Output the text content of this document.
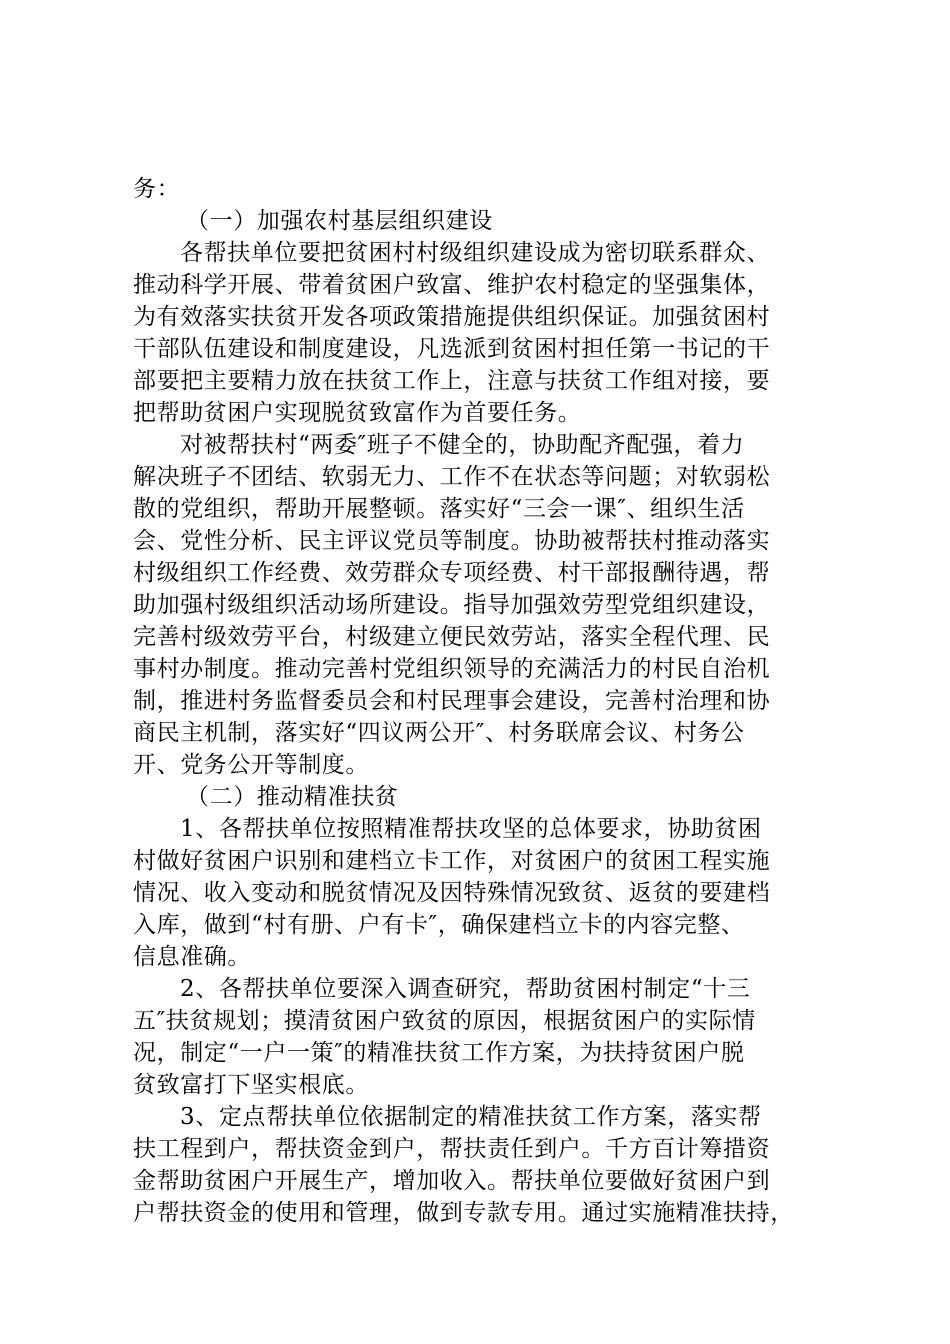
务：
（一）加强农村基层组织建设
各帮扶单位要把贫困村村级组织建设成为密切联系群众、
推动科学开展、带着贫困户致富、维护农村稳定的坚强集体，
为有效落实扶贫开发各项政策措施提供组织保证。加强贫困村
干部队伍建设和制度建设，凡选派到贫困村担任第一书记的干
部要把主要精力放在扶贫工作上，注意与扶贫工作组对接，要
把帮助贫困户实现脱贫致富作为首要任务。
对被帮扶村“两委″班子不健全的，协助配齐配强，着力
解决班子不团结、软弱无力、工作不在状态等问题；对软弱松
散的党组织，帮助开展整顿。落实好“三会一课″、组织生活
会、党性分析、民主评议党员等制度。协助被帮扶村推动落实
村级组织工作经费、效劳群众专项经费、村干部报酬待遇，帮
助加强村级组织活动场所建设。指导加强效劳型党组织建设，
完善村级效劳平台，村级建立便民效劳站，落实全程代理、民
事村办制度。推动完善村党组织领导的充满活力的村民自治机
制，推进村务监督委员会和村民理事会建设，完善村治理和协
商民主机制，落实好“四议两公开″、村务联席会议、村务公
开、党务公开等制度。
（二）推动精准扶贫
1、各帮扶单位按照精准帮扶攻坚的总体要求，协助贫困
村做好贫困户识别和建档立卡工作，对贫困户的贫困工程实施
情况、收入变动和脱贫情况及因特殊情况致贫、返贫的要建档
入库，做到“村有册、户有卡″，确保建档立卡的内容完整、
信息准确。
2、各帮扶单位要深入调查研究，帮助贫困村制定“十三
五″扶贫规划；摸清贫困户致贫的原因，根据贫困户的实际情
况，制定“一户一策″的精准扶贫工作方案，为扶持贫困户脱
贫致富打下坚实根底。
3、定点帮扶单位依据制定的精准扶贫工作方案，落实帮
扶工程到户，帮扶资金到户，帮扶责任到户。千方百计筹措资
金帮助贫困户开展生产，增加收入。帮扶单位要做好贫困户到
户帮扶资金的使用和管理，做到专款专用。通过实施精准扶持，
